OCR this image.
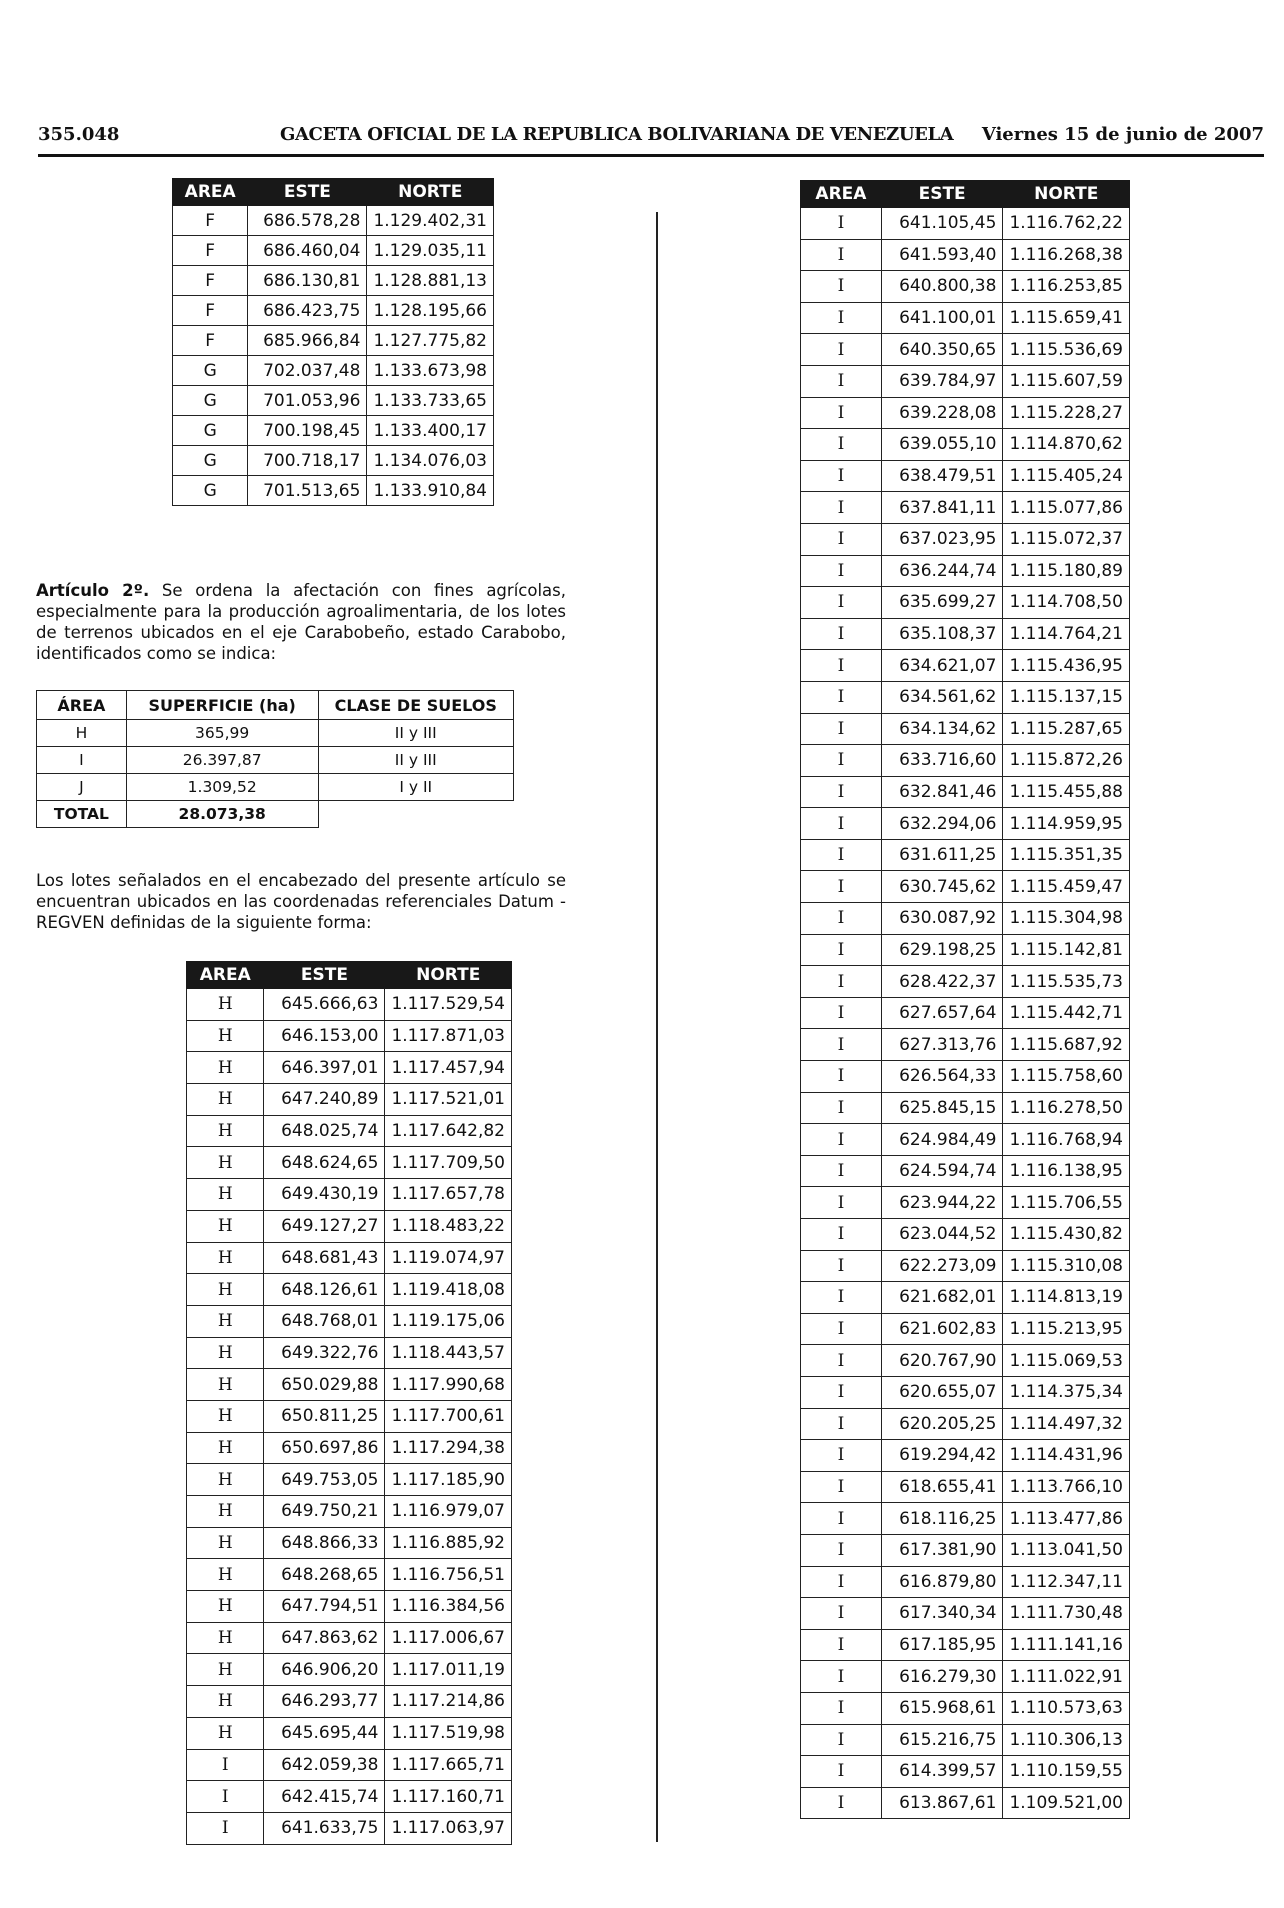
355.048	GACETA OFICIAL DE LA REPUBLICA BOLIVARIANA DE VENEZUELA Viernes 15 de junio de 2007
AREA	ESTE	NORTE
F	686.578,28	1.129.402,31
F	686.460,04	1.129.035,11
F	686.130,81	1.128.881,13
F	686.423,75	1.128.195,66
F	685.966,84	1.127.775,82
G	702.037,48	1.133.673,98
G	701.053,96	1.133.733,65
G	700.198,45	1.133.400,17
G	700.718,17	1.134.076,03
G	701.513,65	1.133.910,84
Artículo 2º. Se ordena la afectación con fines agrícolas, especialmente para la producción agroalimentaria, de los lotes de terrenos ubicados en el eje Carabobeño, estado Carabobo, identificados como se indica:
ÁREA	SUPERFICIE (ha)	CLASE DE SUELOS
H	365,99	II y III
I	26.397,87	II y III
J	1.309,52	I y II
TOTAL	28.073,38	
Los lotes señalados en el encabezado del presente artículo se encuentran ubicados en las coordenadas referenciales Datum - REGVEN definidas de la siguiente forma:
AREA	ESTE	NORTE
H	645.666,63	1.117.529,54
H	646.153,00	1.117.871,03
H	646.397,01	1.117.457,94
H	647.240,89	1.117.521,01
H	648.025,74	1.117.642,82
H	648.624,65	1.117.709,50
H	649.430,19	1.117.657,78
H	649.127,27	1.118.483,22
H	648.681,43	1.119.074,97
H	648.126,61	1.119.418,08
H	648.768,01	1.119.175,06
H	649.322,76	1.118.443,57
H	650.029,88	1.117.990,68
H	650.811,25	1.117.700,61
H	650.697,86	1.117.294,38
H	649.753,05	1.117.185,90
H	649.750,21	1.116.979,07
H	648.866,33	1.116.885,92
H	648.268,65	1.116.756,51
H	647.794,51	1.116.384,56
H	647.863,62	1.117.006,67
H	646.906,20	1.117.011,19
H	646.293,77	1.117.214,86
H	645.695,44	1.117.519,98
I	642.059,38	1.117.665,71
I	642.415,74	1.117.160,71
I	641.633,75	1.117.063,97
AREA	ESTE	NORTE
I	641.105,45	1.116.762,22
I	641.593,40	1.116.268,38
I	640.800,38	1.116.253,85
I	641.100,01	1.115.659,41
I	640.350,65	1.115.536,69
I	639.784,97	1.115.607,59
I	639.228,08	1.115.228,27
I	639.055,10	1.114.870,62
I	638.479,51	1.115.405,24
I	637.841,11	1.115.077,86
I	637.023,95	1.115.072,37
I	636.244,74	1.115.180,89
I	635.699,27	1.114.708,50
I	635.108,37	1.114.764,21
I	634.621,07	1.115.436,95
I	634.561,62	1.115.137,15
I	634.134,62	1.115.287,65
I	633.716,60	1.115.872,26
I	632.841,46	1.115.455,88
I	632.294,06	1.114.959,95
I	631.611,25	1.115.351,35
I	630.745,62	1.115.459,47
I	630.087,92	1.115.304,98
I	629.198,25	1.115.142,81
I	628.422,37	1.115.535,73
I	627.657,64	1.115.442,71
I	627.313,76	1.115.687,92
I	626.564,33	1.115.758,60
I	625.845,15	1.116.278,50
I	624.984,49	1.116.768,94
I	624.594,74	1.116.138,95
I	623.944,22	1.115.706,55
I	623.044,52	1.115.430,82
I	622.273,09	1.115.310,08
I	621.682,01	1.114.813,19
I	621.602,83	1.115.213,95
I	620.767,90	1.115.069,53
I	620.655,07	1.114.375,34
I	620.205,25	1.114.497,32
I	619.294,42	1.114.431,96
I	618.655,41	1.113.766,10
I	618.116,25	1.113.477,86
I	617.381,90	1.113.041,50
I	616.879,80	1.112.347,11
I	617.340,34	1.111.730,48
I	617.185,95	1.111.141,16
I	616.279,30	1.111.022,91
I	615.968,61	1.110.573,63
I	615.216,75	1.110.306,13
I	614.399,57	1.110.159,55
I	613.867,61	1.109.521,00
